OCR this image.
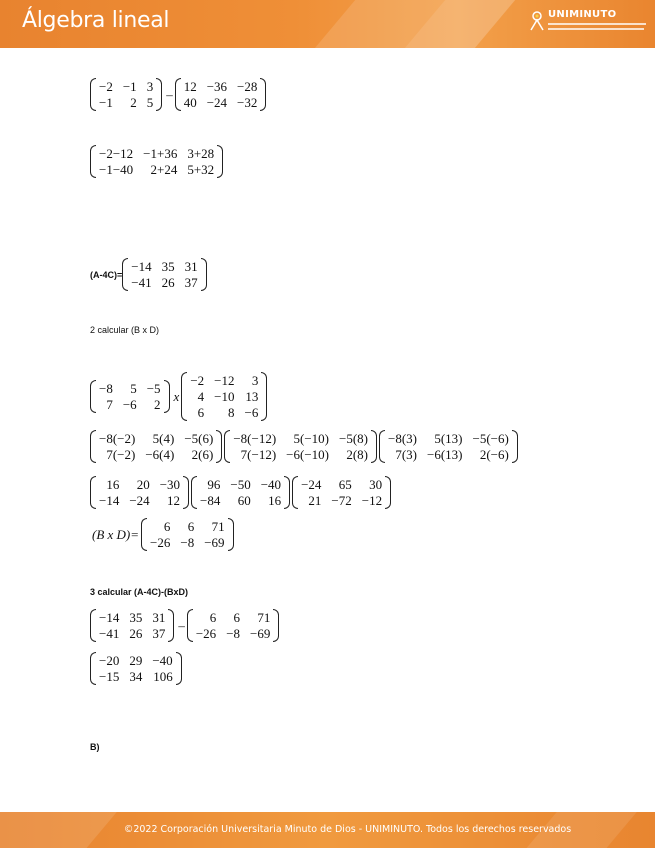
Álgebra lineal	UNIMINUTO
−2 −1 3
−1	2 5
– 12 −36 −28
40 −24 −32
−2−12 −1+36 3+28
−1−40	2+24 5+32
(A-4C)=
−14 35 31
−41 26 37
2 calcular (B x D)
−8	5 −5
7 −6	2
x
−2 −12	3
4 −10 13
6	8 −6
−8(−2)	5(4) −5(6)
7(−2) −6(4)	2(6)
−8(−12)	5(−10) −5(8)
7(−12) −6(−10)	2(8)
−8(3)	5(13) −5(−6)
7(3) −6(13)	2(−6)
16	20 −30
−14 −24	12
96 −50 −40
−84	60	16
−24	65	30
21 −72 −12
(B x D)=	6	6	71
−26 −8 −69
3 calcular (A-4C)-(BxD)
−14 35 31
−41 26 37
–	6	6	71
−26 −8 −69
−20 29 −40
−15 34 106
B)
©2022 Corporación Universitaria Minuto de Dios - UNIMINUTO. Todos los derechos reservados
